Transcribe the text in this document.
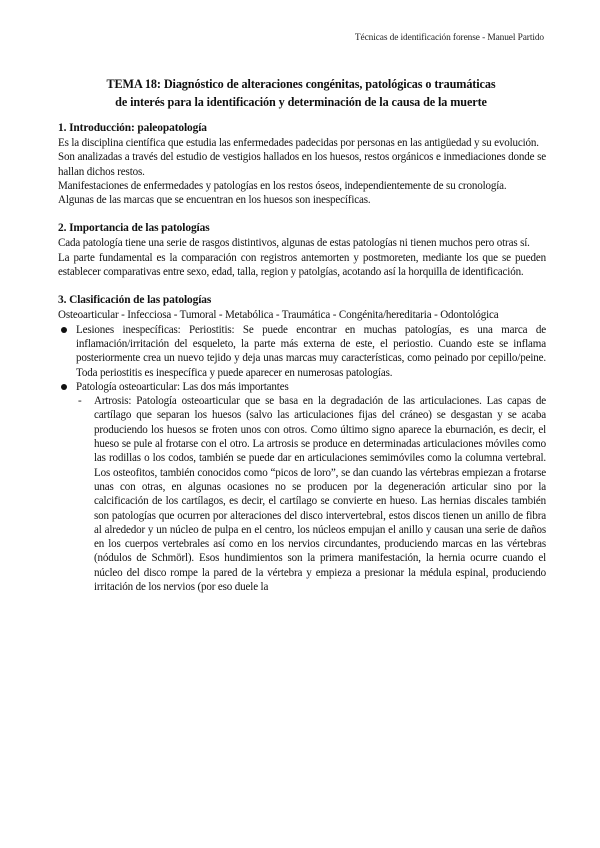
Técnicas de identificación forense - Manuel Partido
TEMA 18: Diagnóstico de alteraciones congénitas, patológicas o traumáticas
de interés para la identificación y determinación de la causa de la muerte
1. Introducción: paleopatología

Es la disciplina científica que estudia las enfermedades padecidas por personas en las antigüedad y su evolución.

Son analizadas a través del estudio de vestigios hallados en los huesos, restos orgánicos e inmediaciones donde se hallan dichos restos.

Manifestaciones de enfermedades y patologías en los restos óseos, independientemente de su cronología.

Algunas de las marcas que se encuentran en los huesos son inespecíficas.

2. Importancia de las patologías

Cada patología tiene una serie de rasgos distintivos, algunas de estas patologías ni tienen muchos pero otras sí.

La parte fundamental es la comparación con registros antemorten y postmoreten, mediante los que se pueden establecer comparativas entre sexo, edad, talla, region y patolgías, acotando así la horquilla de identificación.

3. Clasificación de las patologías

Osteoarticular - Infecciosa - Tumoral - Metabólica - Traumática - Congénita/hereditaria - Odontológica

Lesiones inespecíficas: Periostitis: Se puede encontrar en muchas patologías, es una marca de inflamación/irritación del esqueleto, la parte más externa de este, el periostio. Cuando este se inflama posteriormente crea un nuevo tejido y deja unas marcas muy características, como peinado por cepillo/peine. Toda periostitis es inespecífica y puede aparecer en numerosas patologías.
Patología osteoarticular: Las dos más importantes
- Artrosis: Patología osteoarticular que se basa en la degradación de las articulaciones. Las capas de cartílago que separan los huesos (salvo las articulaciones fijas del cráneo) se desgastan y se acaba produciendo los huesos se froten unos con otros. Como último signo aparece la eburnación, es decir, el hueso se pule al frotarse con el otro. La artrosis se produce en determinadas articulaciones móviles como las rodillas o los codos, también se puede dar en articulaciones semimóviles como la columna vertebral. Los osteofitos, también conocidos como “picos de loro”, se dan cuando las vértebras empiezan a frotarse unas con otras, en algunas ocasiones no se producen por la degeneración articular sino por la calcificación de los cartílagos, es decir, el cartílago se convierte en hueso. Las hernias discales también son patologías que ocurren por alteraciones del disco intervertebral, estos discos tienen un anillo de fibra al alrededor y un núcleo de pulpa en el centro, los núcleos empujan el anillo y causan una serie de daños en los cuerpos vertebrales así como en los nervios circundantes, produciendo marcas en las vértebras (nódulos de Schmörl). Esos hundimientos son la primera manifestación, la hernia ocurre cuando el núcleo del disco rompe la pared de la vértebra y empieza a presionar la médula espinal, produciendo irritación de los nervios (por eso duele la
